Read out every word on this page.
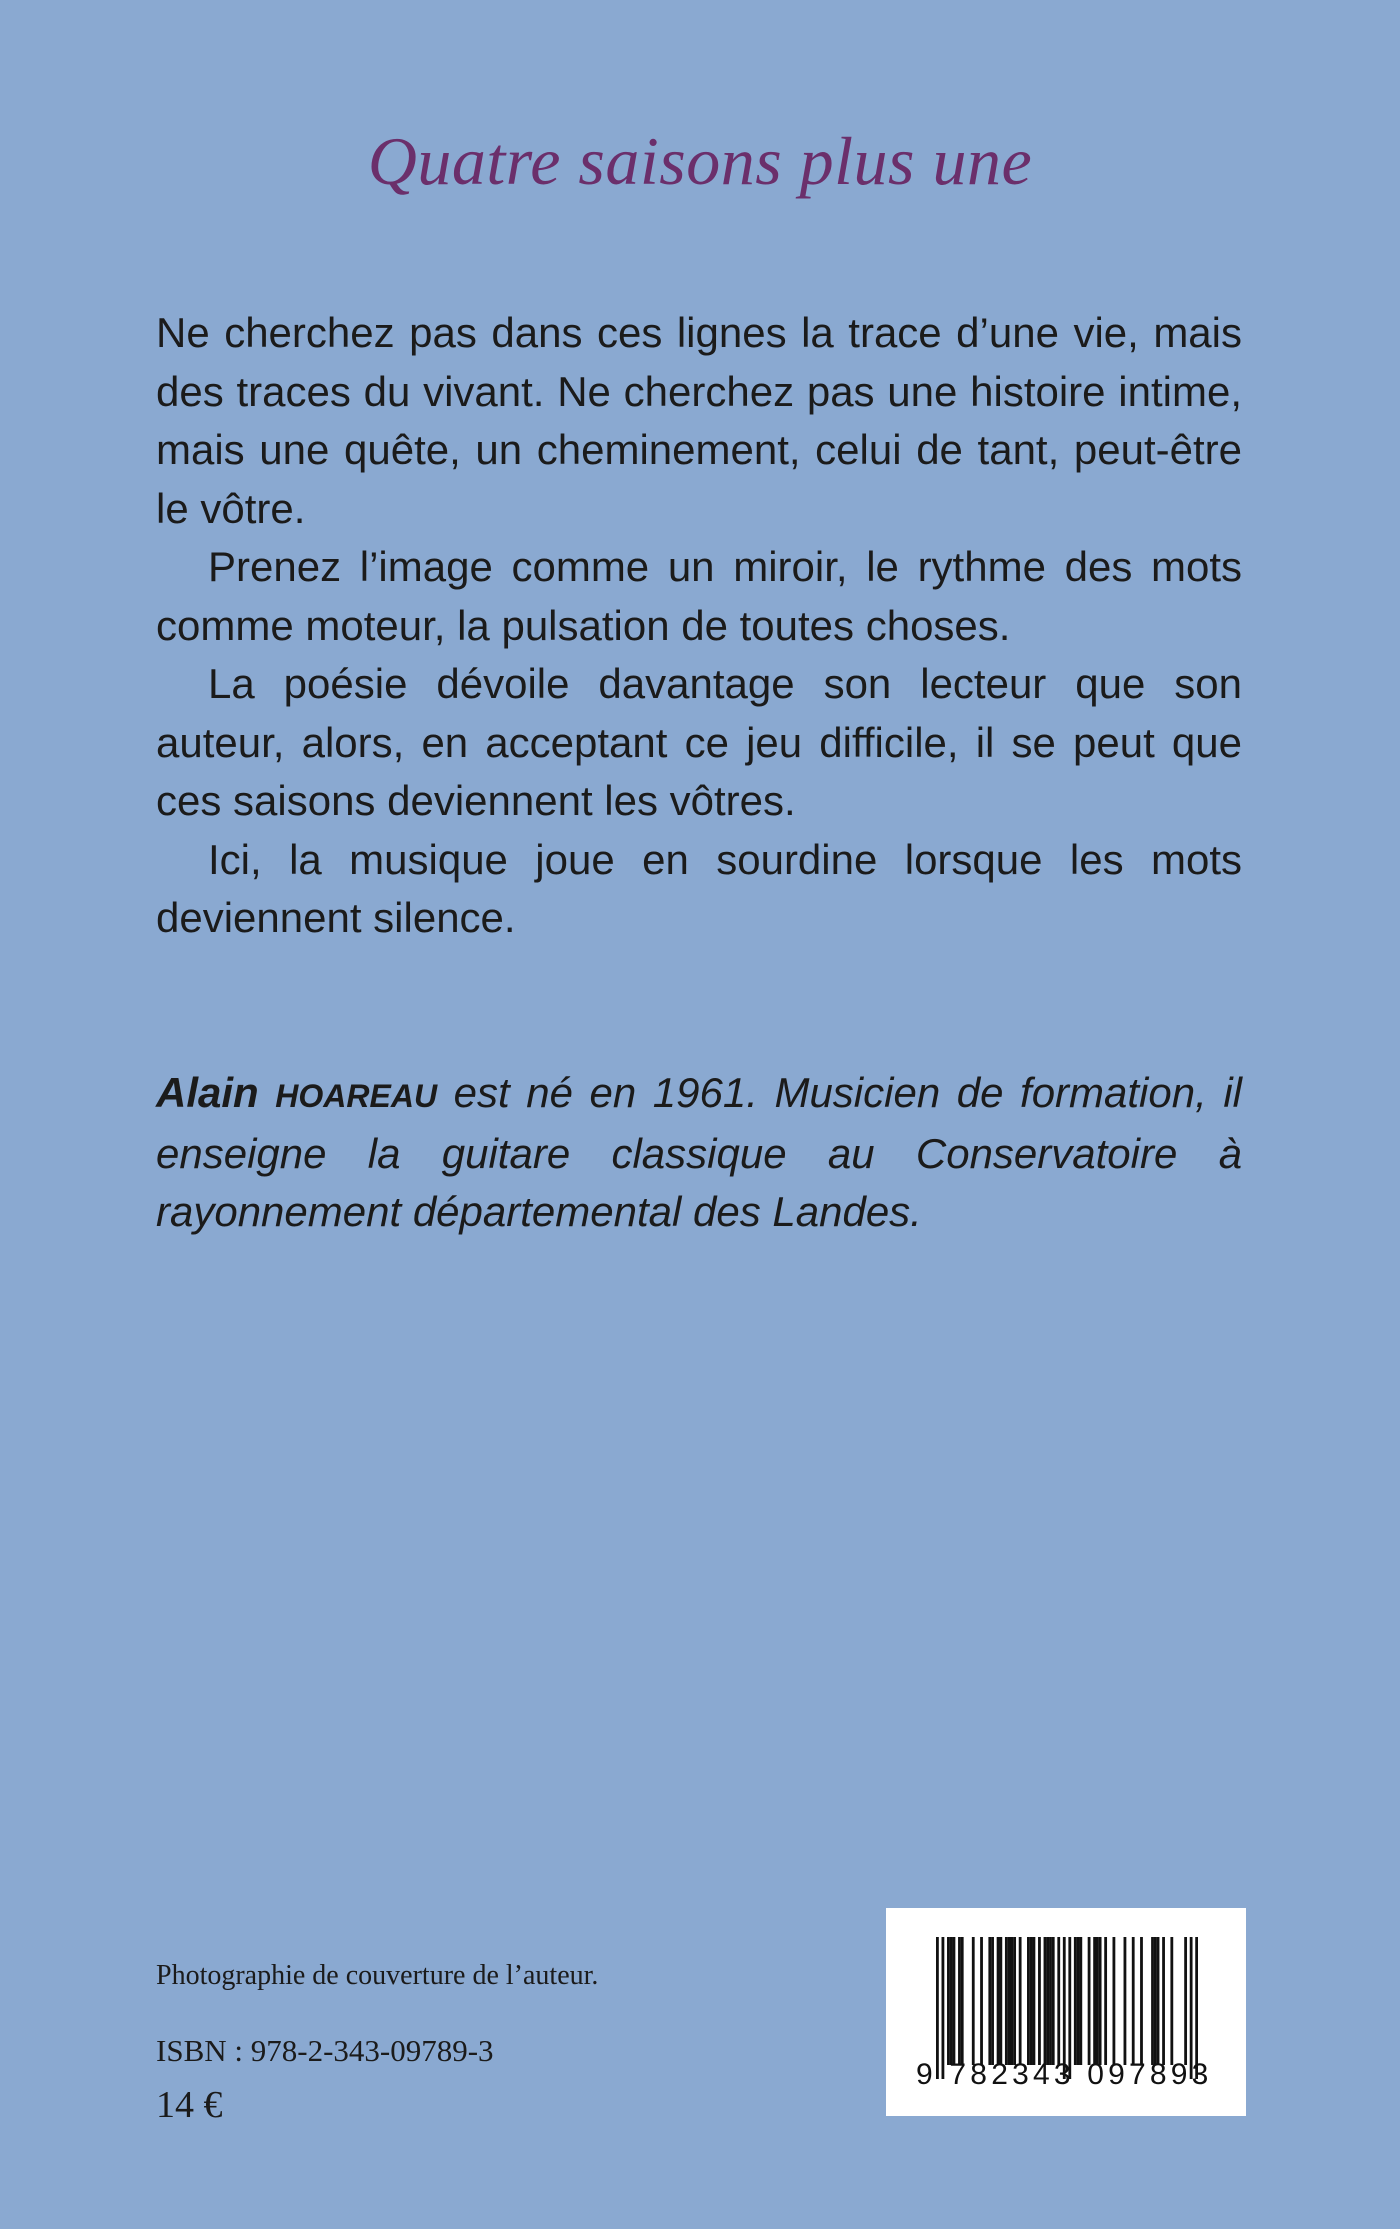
Quatre saisons plus une

Ne cherchez pas dans ces lignes la trace d’une vie, mais des traces du vivant. Ne cherchez pas une histoire intime, mais une quête, un cheminement, celui de tant, peut-être le vôtre.

Prenez l’image comme un miroir, le rythme des mots comme moteur, la pulsation de toutes choses.

La poésie dévoile davantage son lecteur que son auteur, alors, en acceptant ce jeu difficile, il se peut que ces saisons deviennent les vôtres.

Ici, la musique joue en sourdine lorsque les mots deviennent silence.

Alain HOAREAU est né en 1961. Musicien de formation, il enseigne la guitare classique au Conservatoire à rayonnement départemental des Landes.

Photographie de couverture de l’auteur.
ISBN : 978-2-343-09789-3
14 €
9 782343 097893
